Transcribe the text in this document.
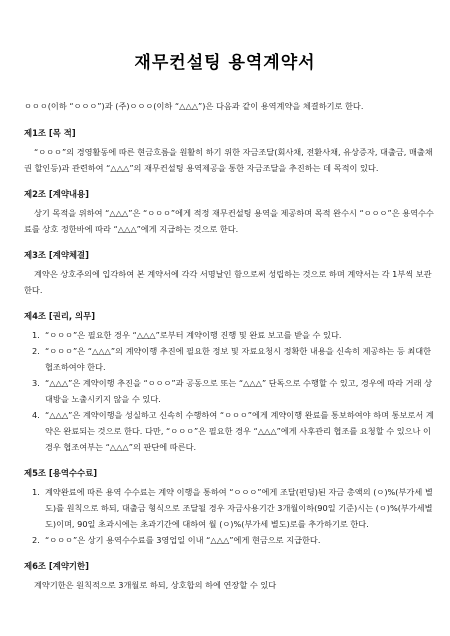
재무컨설팅 용역계약서

ㅇㅇㅇ(이하 “ㅇㅇㅇ”)과 (주)ㅇㅇㅇ(이하 “△△△”)은 다음과 같이 용역계약을 체결하기로 한다.

제1조 [목 적]

“ㅇㅇㅇ”의 경영활동에 따른 현금흐름을 원활히 하기 위한 자금조달(회사채, 전환사채, 유상증자, 대출금, 매출채권 할인등)과 관련하여 “△△△”의 재무컨설팅 용역제공을 통한 자금조달을 추진하는 데 목적이 있다.

제2조 [계약내용]

상기 목적을 위하여 “△△△”은 “ㅇㅇㅇ”에게 적정 재무컨설팅 용역을 제공하며 목적 완수시 “ㅇㅇㅇ”은 용역수수료를 상호 정한바에 따라 “△△△”에게 지급하는 것으로 한다.

제3조 [계약체결]

계약은 상호주의에 입각하여 본 계약서에 각각 서명날인 함으로써 성립하는 것으로 하며 계약서는 각 1부씩 보관한다.

제4조 [권리, 의무]

1. “ㅇㅇㅇ”은 필요한 경우 “△△△”로부터 계약이행 진행 및 완료 보고를 받을 수 있다.
2. “ㅇㅇㅇ”은 “△△△”의 계약이행 추진에 필요한 정보 및 자료요청시 정확한 내용을 신속히 제공하는 등 최대한 협조하여야 한다.
3. “△△△”은 계약이행 추진을 “ㅇㅇㅇ”과 공동으로 또는 “△△△” 단독으로 수행할 수 있고, 경우에 따라 거래 상대방을 노출시키지 않을 수 있다.
4. “△△△”은 계약이행을 성실하고 신속히 수행하여 “ㅇㅇㅇ”에게 계약이행 완료를 통보하여야 하며 통보로서 계약은 완료되는 것으로 한다. 다만, “ㅇㅇㅇ”은 필요한 경우 “△△△”에게 사후관리 협조를 요청할 수 있으나 이 경우 협조여부는 “△△△”의 판단에 따른다.

제5조 [용역수수료]

1. 계약완료에 따른 용역 수수료는 계약 이행을 통하여 “ㅇㅇㅇ”에게 조달(펀딩)된 자금 총액의 (ㅇ)%(부가세 별도)를 원칙으로 하되, 대출금 형식으로 조달될 경우 자금사용기간 3개월이하(90일 기준)시는 (ㅇ)%(부가세별도)이며, 90일 초과시에는 초과기간에 대하여 월 (ㅇ)%(부가세 별도)로를 추가하기로 한다.
2. “ㅇㅇㅇ”은 상기 용역수수료를 3영업일 이내 “△△△”에게 현금으로 지급한다.

제6조 [계약기한]

계약기한은 원칙적으로 3개월로 하되, 상호합의 하에 연장할 수 있다
